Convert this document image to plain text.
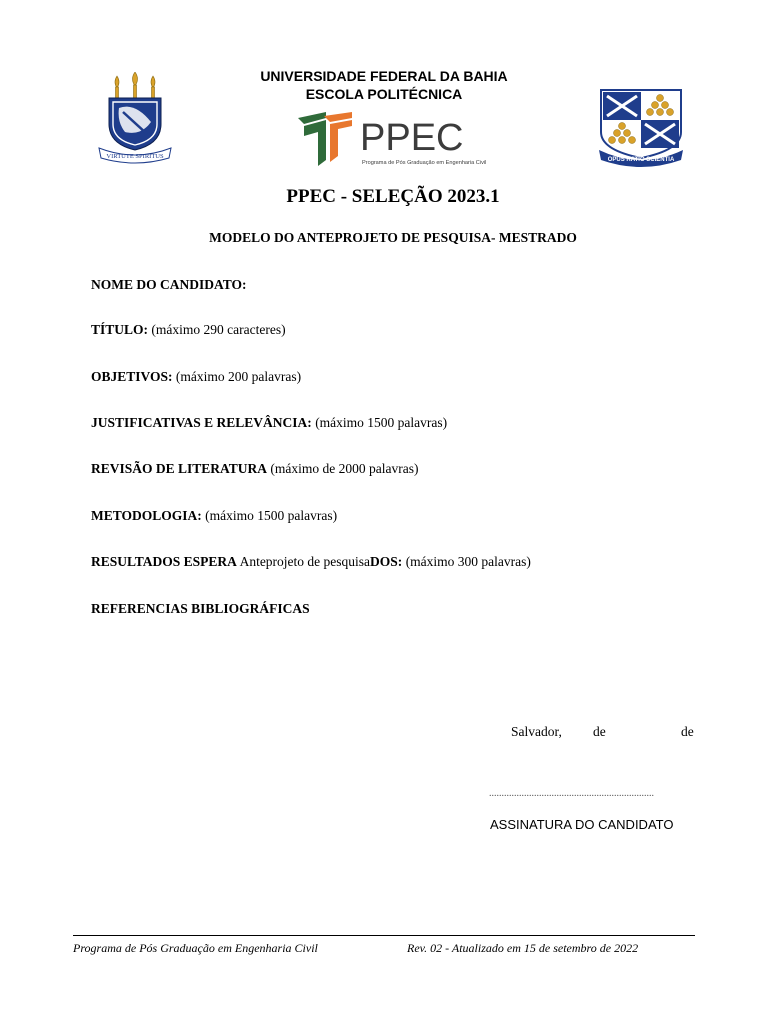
VIRTUTE SPIRITUS
UNIVERSIDADE FEDERAL DA BAHIA
ESCOLA POLITÉCNICA
PPEC
Programa de Pós Graduação em Engenharia Civil	OPUS RATIO SCIENTIA
PPEC - SELEÇÃO 2023.1
MODELO DO ANTEPROJETO DE PESQUISA- MESTRADO
NOME DO CANDIDATO:
TÍTULO: (máximo 290 caracteres)
OBJETIVOS: (máximo 200 palavras)
JUSTIFICATIVAS E RELEVÂNCIA: (máximo 1500 palavras)
REVISÃO DE LITERATURA (máximo de 2000 palavras)
METODOLOGIA: (máximo 1500 palavras)
RESULTADOS ESPERA Anteprojeto de pesquisaDOS: (máximo 300 palavras)
REFERENCIAS BIBLIOGRÁFICAS
Salvador, de	de
..................................................................
ASSINATURA DO CANDIDATO
Programa de Pós Graduação em Engenharia Civil	Rev. 02 - Atualizado em 15 de setembro de 2022
